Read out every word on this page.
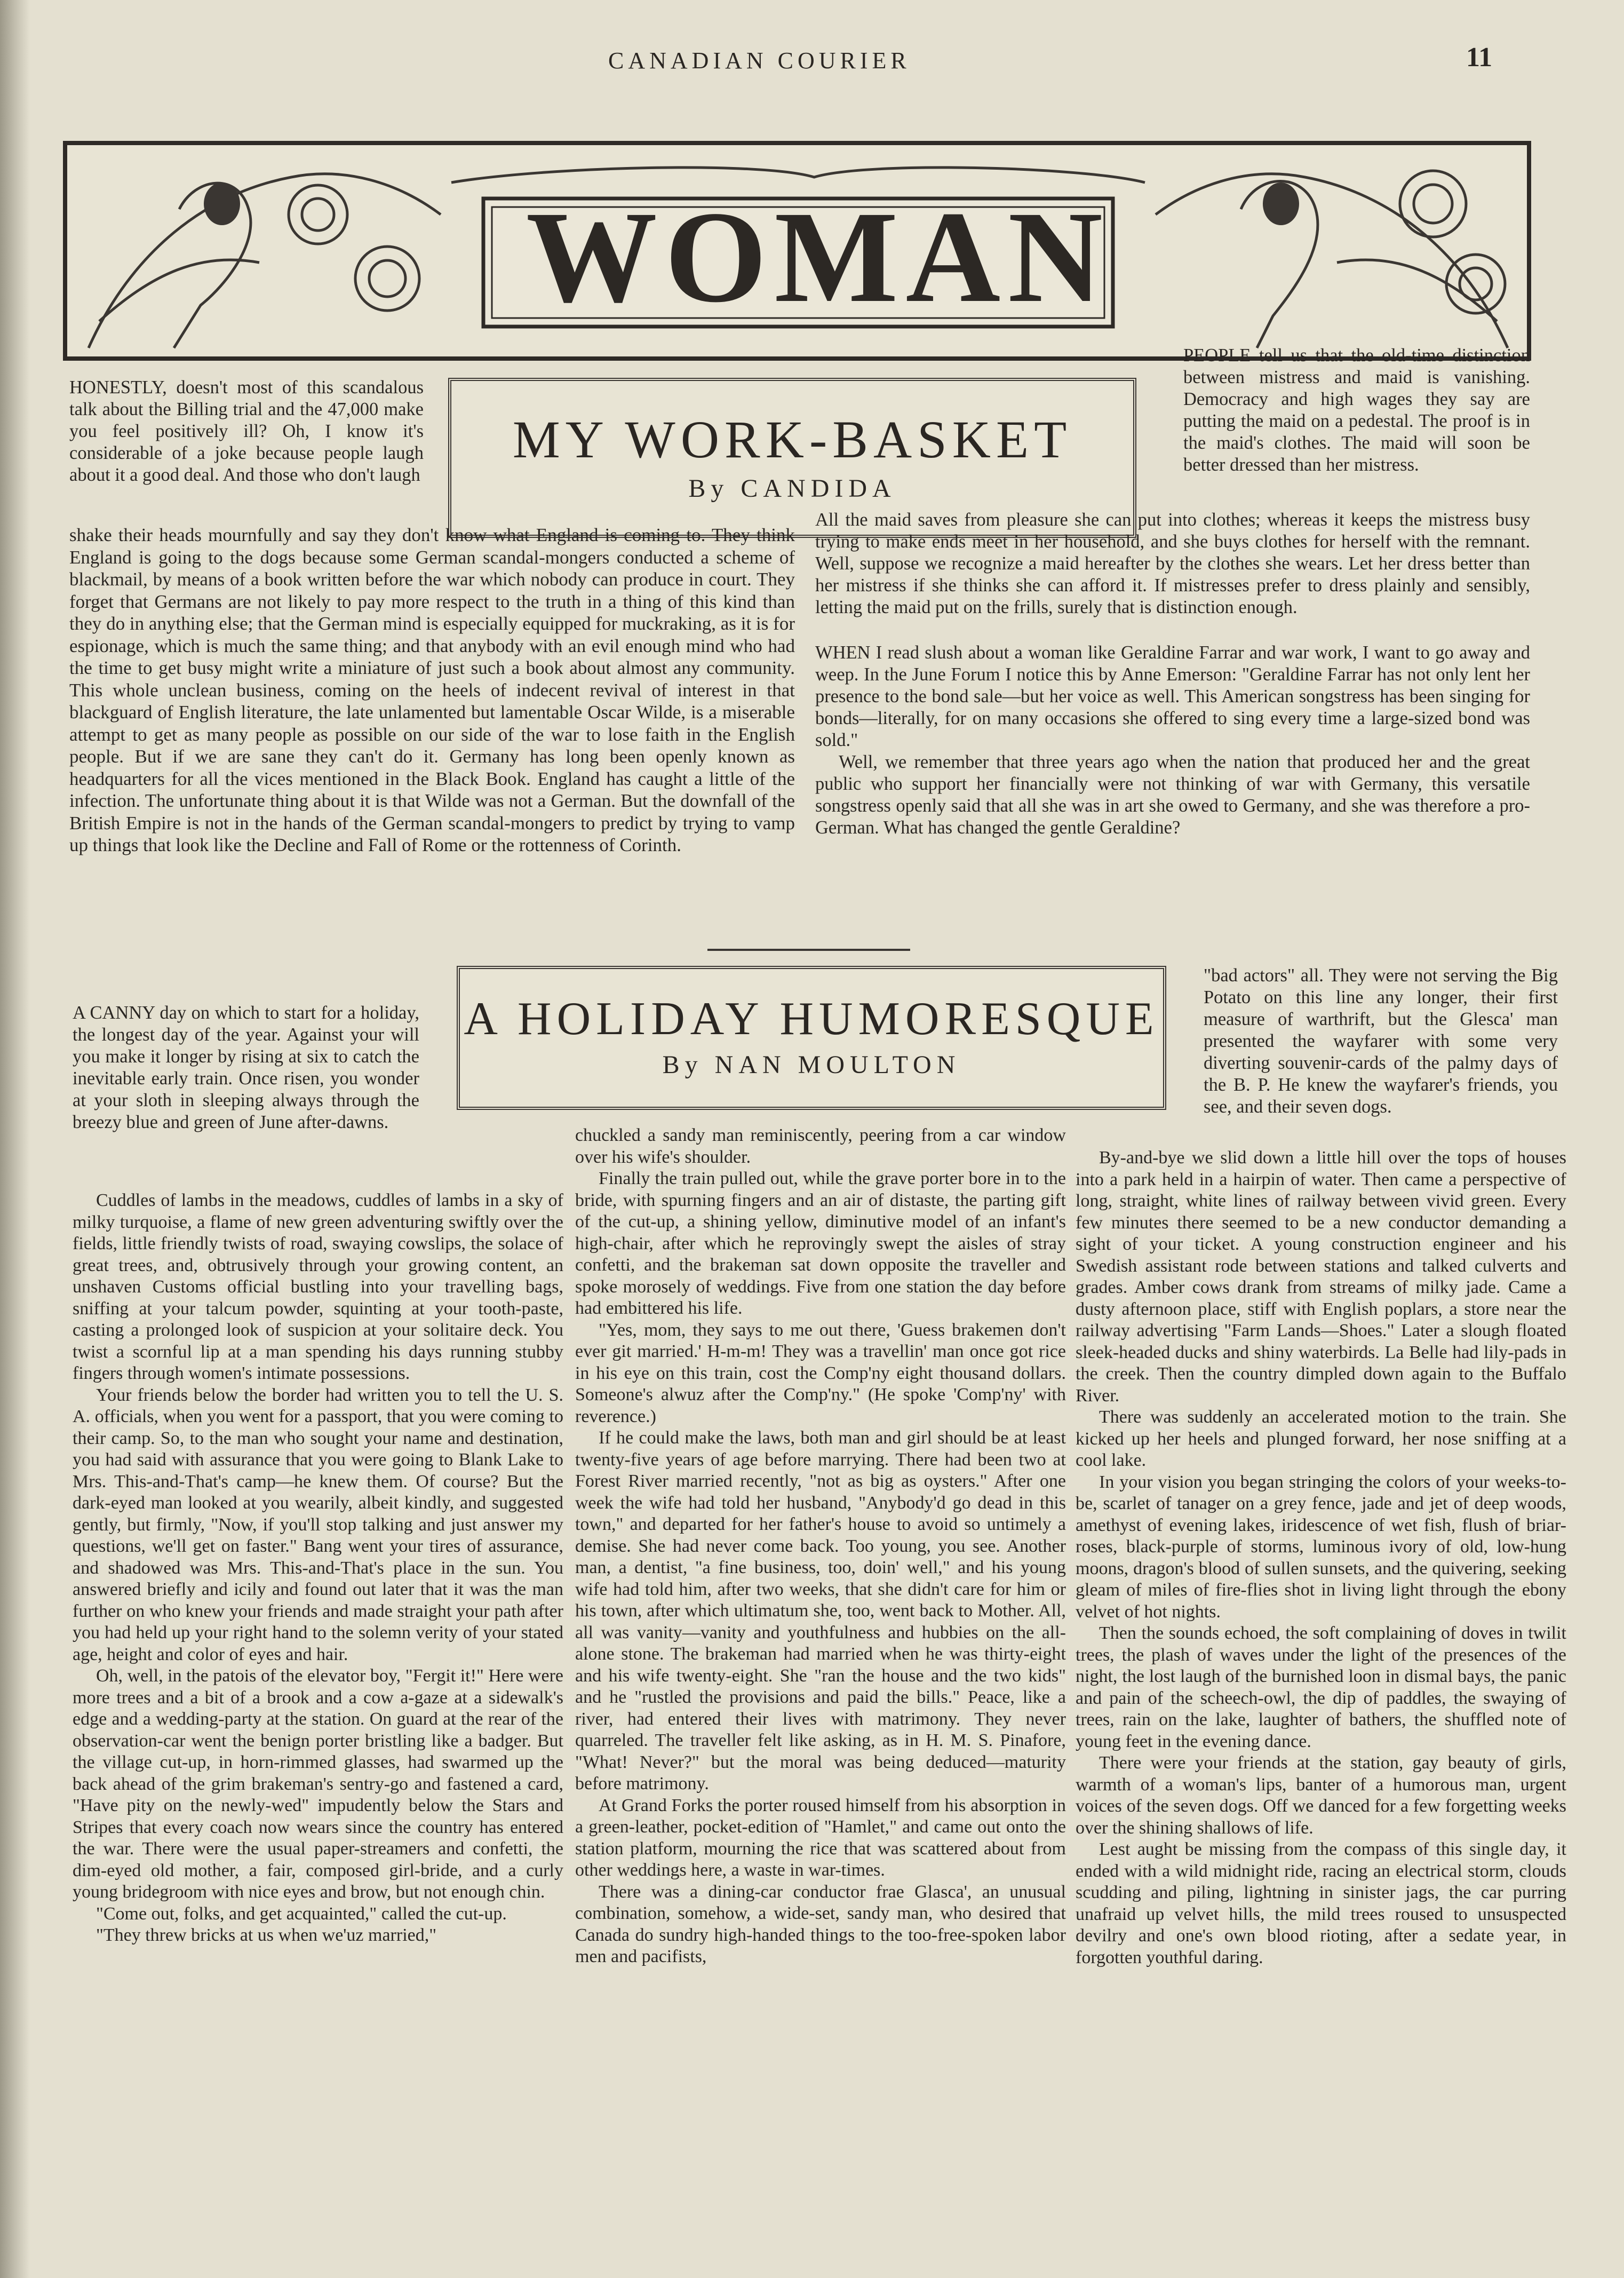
CANADIAN COURIER	11
WOMAN
MY WORK-BASKET
By CANDIDA

HONESTLY, doesn't most of this scandalous talk about the Billing trial and the 47,000 make you feel positively ill? Oh, I know it's considerable of a joke because people laugh about it a good deal. And those who don't laugh

shake their heads mournfully and say they don't know what England is coming to. They think England is going to the dogs because some German scandal-mongers conducted a scheme of blackmail, by means of a book written before the war which nobody can produce in court. They forget that Germans are not likely to pay more respect to the truth in a thing of this kind than they do in anything else; that the German mind is especially equipped for muckraking, as it is for espionage, which is much the same thing; and that anybody with an evil enough mind who had the time to get busy might write a miniature of just such a book about almost any community. This whole unclean business, coming on the heels of indecent revival of interest in that blackguard of English literature, the late unlamented but lamentable Oscar Wilde, is a miserable attempt to get as many people as possible on our side of the war to lose faith in the English people. But if we are sane they can't do it. Germany has long been openly known as headquarters for all the vices mentioned in the Black Book. England has caught a little of the infection. The unfortunate thing about it is that Wilde was not a German. But the downfall of the British Empire is not in the hands of the German scandal-mongers to predict by trying to vamp up things that look like the Decline and Fall of Rome or the rottenness of Corinth.

PEOPLE tell us that the old-time distinction between mistress and maid is vanishing. Democracy and high wages they say are putting the maid on a pedestal. The proof is in the maid's clothes. The maid will soon be better dressed than her mistress.

All the maid saves from pleasure she can put into clothes; whereas it keeps the mistress busy trying to make ends meet in her household, and she buys clothes for herself with the remnant. Well, suppose we recognize a maid hereafter by the clothes she wears. Let her dress better than her mistress if she thinks she can afford it. If mistresses prefer to dress plainly and sensibly, letting the maid put on the frills, surely that is distinction enough.

WHEN I read slush about a woman like Geraldine Farrar and war work, I want to go away and weep. In the June Forum I notice this by Anne Emerson: "Geraldine Farrar has not only lent her presence to the bond sale—but her voice as well. This American songstress has been singing for bonds—literally, for on many occasions she offered to sing every time a large-sized bond was sold."

Well, we remember that three years ago when the nation that produced her and the great public who support her financially were not thinking of war with Germany, this versatile songstress openly said that all she was in art she owed to Germany, and she was therefore a pro-German. What has changed the gentle Geraldine?

A HOLIDAY HUMORESQUE
By NAN MOULTON

A CANNY day on which to start for a holiday, the longest day of the year. Against your will you make it longer by rising at six to catch the inevitable early train. Once risen, you wonder at your sloth in sleeping always through the breezy blue and green of June after-dawns.

Cuddles of lambs in the meadows, cuddles of lambs in a sky of milky turquoise, a flame of new green adventuring swiftly over the fields, little friendly twists of road, swaying cowslips, the solace of great trees, and, obtrusively through your growing content, an unshaven Customs official bustling into your travelling bags, sniffing at your talcum powder, squinting at your tooth-paste, casting a prolonged look of suspicion at your solitaire deck. You twist a scornful lip at a man spending his days running stubby fingers through women's intimate possessions.

Your friends below the border had written you to tell the U. S. A. officials, when you went for a passport, that you were coming to their camp. So, to the man who sought your name and destination, you had said with assurance that you were going to Blank Lake to Mrs. This-and-That's camp—he knew them. Of course? But the dark-eyed man looked at you wearily, albeit kindly, and suggested gently, but firmly, "Now, if you'll stop talking and just answer my questions, we'll get on faster." Bang went your tires of assurance, and shadowed was Mrs. This-and-That's place in the sun. You answered briefly and icily and found out later that it was the man further on who knew your friends and made straight your path after you had held up your right hand to the solemn verity of your stated age, height and color of eyes and hair.

Oh, well, in the patois of the elevator boy, "Fergit it!" Here were more trees and a bit of a brook and a cow a-gaze at a sidewalk's edge and a wedding-party at the station. On guard at the rear of the observation-car went the benign porter bristling like a badger. But the village cut-up, in horn-rimmed glasses, had swarmed up the back ahead of the grim brakeman's sentry-go and fastened a card, "Have pity on the newly-wed" impudently below the Stars and Stripes that every coach now wears since the country has entered the war. There were the usual paper-streamers and confetti, the dim-eyed old mother, a fair, composed girl-bride, and a curly young bridegroom with nice eyes and brow, but not enough chin.

"Come out, folks, and get acquainted," called the cut-up.

"They threw bricks at us when we'uz married,"

chuckled a sandy man reminiscently, peering from a car window over his wife's shoulder.

Finally the train pulled out, while the grave porter bore in to the bride, with spurning fingers and an air of distaste, the parting gift of the cut-up, a shining yellow, diminutive model of an infant's high-chair, after which he reprovingly swept the aisles of stray confetti, and the brakeman sat down opposite the traveller and spoke morosely of weddings. Five from one station the day before had embittered his life.

"Yes, mom, they says to me out there, 'Guess brakemen don't ever git married.' H-m-m! They was a travellin' man once got rice in his eye on this train, cost the Comp'ny eight thousand dollars. Someone's alwuz after the Comp'ny." (He spoke 'Comp'ny' with reverence.)

If he could make the laws, both man and girl should be at least twenty-five years of age before marrying. There had been two at Forest River married recently, "not as big as oysters." After one week the wife had told her husband, "Anybody'd go dead in this town," and departed for her father's house to avoid so untimely a demise. She had never come back. Too young, you see. Another man, a dentist, "a fine business, too, doin' well," and his young wife had told him, after two weeks, that she didn't care for him or his town, after which ultimatum she, too, went back to Mother. All, all was vanity—vanity and youthfulness and hubbies on the all-alone stone. The brakeman had married when he was thirty-eight and his wife twenty-eight. She "ran the house and the two kids" and he "rustled the provisions and paid the bills." Peace, like a river, had entered their lives with matrimony. They never quarreled. The traveller felt like asking, as in H. M. S. Pinafore, "What! Never?" but the moral was being deduced—maturity before matrimony.

At Grand Forks the porter roused himself from his absorption in a green-leather, pocket-edition of "Hamlet," and came out onto the station platform, mourning the rice that was scattered about from other weddings here, a waste in war-times.

There was a dining-car conductor frae Glasca', an unusual combination, somehow, a wide-set, sandy man, who desired that Canada do sundry high-handed things to the too-free-spoken labor men and pacifists,

"bad actors" all. They were not serving the Big Potato on this line any longer, their first measure of warthrift, but the Glesca' man presented the wayfarer with some very diverting souvenir-cards of the palmy days of the B. P. He knew the wayfarer's friends, you see, and their seven dogs.

By-and-bye we slid down a little hill over the tops of houses into a park held in a hairpin of water. Then came a perspective of long, straight, white lines of railway between vivid green. Every few minutes there seemed to be a new conductor demanding a sight of your ticket. A young construction engineer and his Swedish assistant rode between stations and talked culverts and grades. Amber cows drank from streams of milky jade. Came a dusty afternoon place, stiff with English poplars, a store near the railway advertising "Farm Lands—Shoes." Later a slough floated sleek-headed ducks and shiny waterbirds. La Belle had lily-pads in the creek. Then the country dimpled down again to the Buffalo River.

There was suddenly an accelerated motion to the train. She kicked up her heels and plunged forward, her nose sniffing at a cool lake.

In your vision you began stringing the colors of your weeks-to-be, scarlet of tanager on a grey fence, jade and jet of deep woods, amethyst of evening lakes, iridescence of wet fish, flush of briar-roses, black-purple of storms, luminous ivory of old, low-hung moons, dragon's blood of sullen sunsets, and the quivering, seeking gleam of miles of fire-flies shot in living light through the ebony velvet of hot nights.

Then the sounds echoed, the soft complaining of doves in twilit trees, the plash of waves under the light of the presences of the night, the lost laugh of the burnished loon in dismal bays, the panic and pain of the scheech-owl, the dip of paddles, the swaying of trees, rain on the lake, laughter of bathers, the shuffled note of young feet in the evening dance.

There were your friends at the station, gay beauty of girls, warmth of a woman's lips, banter of a humorous man, urgent voices of the seven dogs. Off we danced for a few forgetting weeks over the shining shallows of life.

Lest aught be missing from the compass of this single day, it ended with a wild midnight ride, racing an electrical storm, clouds scudding and piling, lightning in sinister jags, the car purring unafraid up velvet hills, the mild trees roused to unsuspected devilry and one's own blood rioting, after a sedate year, in forgotten youthful daring.
